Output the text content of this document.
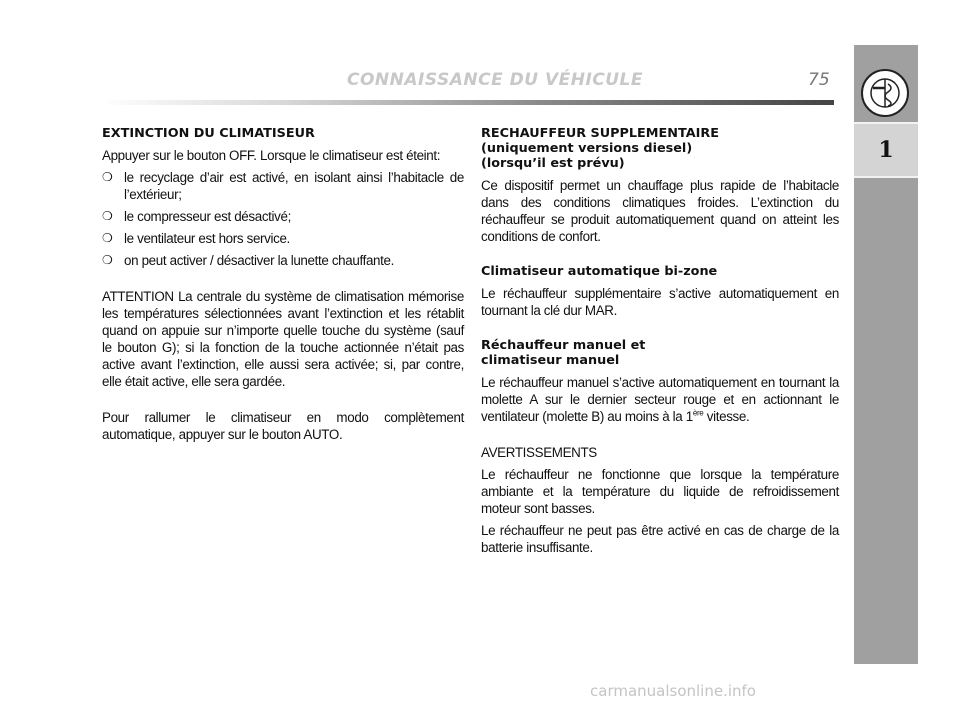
CONNAISSANCE DU VÉHICULE	75
1
EXTINCTION DU CLIMATISEUR

Appuyer sur le bouton OFF. Lorsque le climatiseur est éteint:

❍ le recyclage d’air est activé, en isolant ainsi l’habitacle de l’extérieur;
❍ le compresseur est désactivé;
❍ le ventilateur est hors service.
❍ on peut activer / désactiver la lunette chauffante.

ATTENTION La centrale du système de climatisation mémorise les températures sélectionnées avant l’extinction et les rétablit quand on appuie sur n’importe quelle touche du système (sauf le bouton G); si la fonction de la touche actionnée n’était pas active avant l’extinction, elle aussi sera activée; si, par contre, elle était active, elle sera gardée.

Pour rallumer le climatiseur en modo complètement automatique, appuyer sur le bouton AUTO.

RECHAUFFEUR SUPPLEMENTAIRE
(uniquement versions diesel)
(lorsqu’il est prévu)

Ce dispositif permet un chauffage plus rapide de l’habitacle dans des conditions climatiques froides. L’extinction du réchauffeur se produit automatiquement quand on atteint les conditions de confort.

Climatiseur automatique bi-zone

Le réchauffeur supplémentaire s’active automatiquement en tournant la clé dur MAR.

Réchauffeur manuel et
climatiseur manuel

Le réchauffeur manuel s’active automatiquement en tournant la molette A sur le dernier secteur rouge et en actionnant le ventilateur (molette B) au moins à la 1ère vitesse.

AVERTISSEMENTS

Le réchauffeur ne fonctionne que lorsque la température ambiante et la température du liquide de refroidissement moteur sont basses.

Le réchauffeur ne peut pas être activé en cas de charge de la batterie insuffisante.

carmanualsonline.info
